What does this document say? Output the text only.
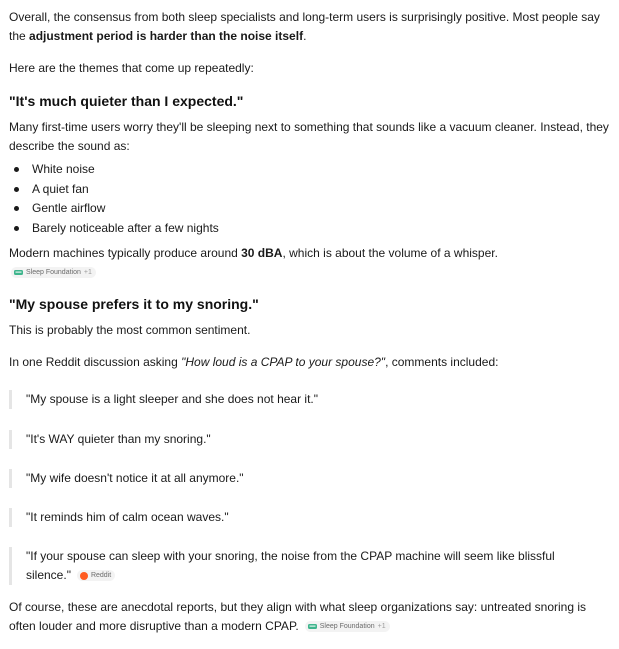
Overall, the consensus from both sleep specialists and long-term users is surprisingly positive. Most people say the adjustment period is harder than the noise itself.

Here are the themes that come up repeatedly:

"It's much quieter than I expected."

Many first-time users worry they'll be sleeping next to something that sounds like a vacuum cleaner. Instead, they describe the sound as:

White noise
A quiet fan
Gentle airflow
Barely noticeable after a few nights

Modern machines typically produce around 30 dBA, which is about the volume of a whisper.

Sleep Foundation +1
"My spouse prefers it to my snoring."

This is probably the most common sentiment.

In one Reddit discussion asking "How loud is a CPAP to your spouse?", comments included:

"My spouse is a light sleeper and she does not hear it."
"It's WAY quieter than my snoring."
"My wife doesn't notice it at all anymore."
"It reminds him of calm ocean waves."
"If your spouse can sleep with your snoring, the noise from the CPAP machine will seem like blissful silence."	Reddit

Of course, these are anecdotal reports, but they align with what sleep organizations say: untreated snoring is often louder and more disruptive than a modern CPAP.	Sleep Foundation +1
